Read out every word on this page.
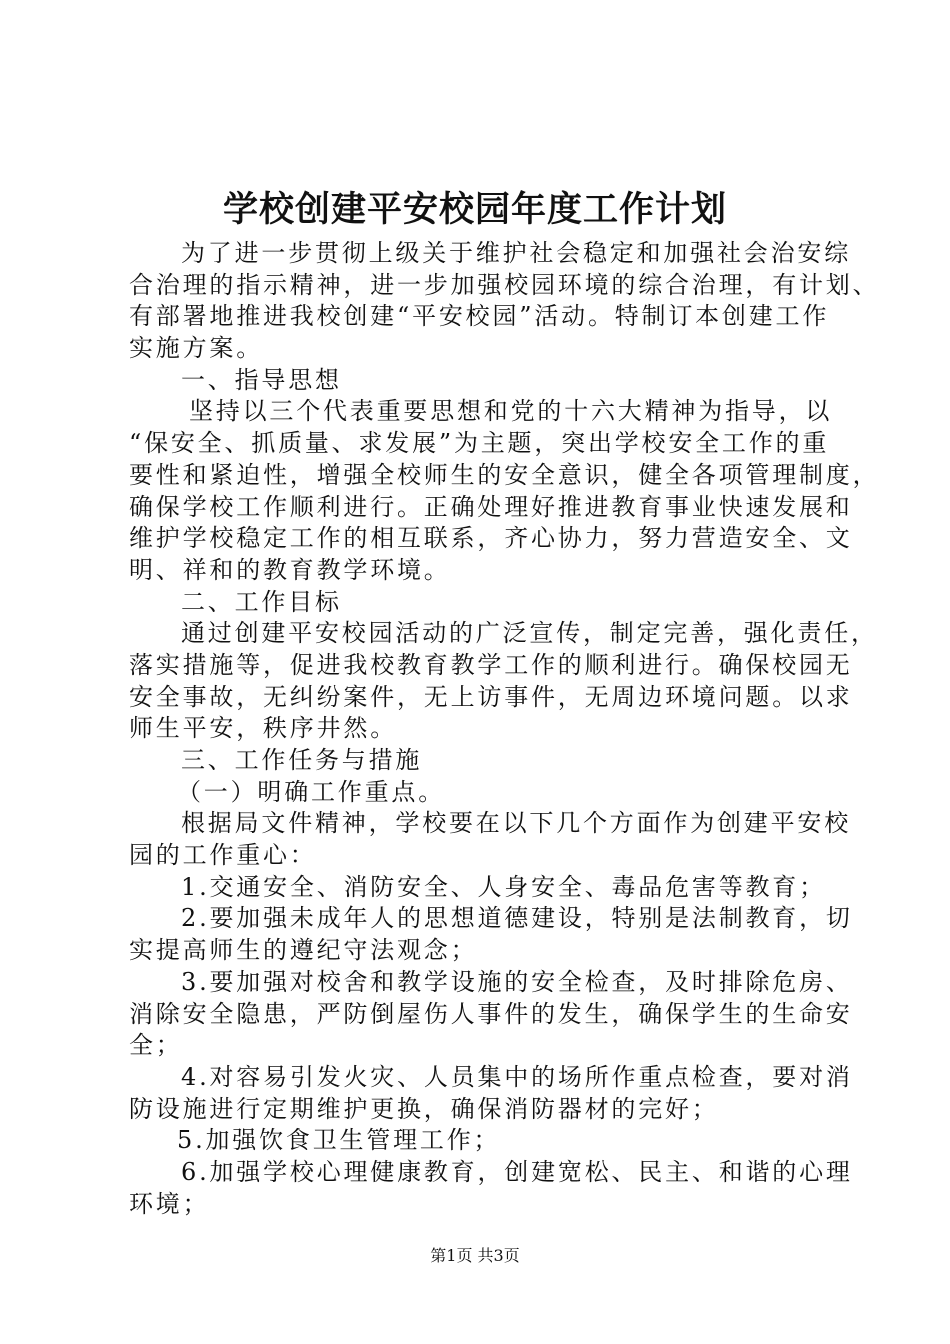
学校创建平安校园年度工作计划
为了进一步贯彻上级关于维护社会稳定和加强社会治安综
合治理的指示精神，进一步加强校园环境的综合治理，有计划、
有部署地推进我校创建“平安校园”活动。特制订本创建工作
实施方案。
一、指导思想
坚持以三个代表重要思想和党的十六大精神为指导，以
“保安全、抓质量、求发展”为主题，突出学校安全工作的重
要性和紧迫性，增强全校师生的安全意识，健全各项管理制度，
确保学校工作顺利进行。正确处理好推进教育事业快速发展和
维护学校稳定工作的相互联系，齐心协力，努力营造安全、文
明、祥和的教育教学环境。
二、工作目标
通过创建平安校园活动的广泛宣传，制定完善，强化责任，
落实措施等，促进我校教育教学工作的顺利进行。确保校园无
安全事故，无纠纷案件，无上访事件，无周边环境问题。以求
师生平安，秩序井然。
三、工作任务与措施
（一）明确工作重点。
根据局文件精神，学校要在以下几个方面作为创建平安校
园的工作重心：
1.交通安全、消防安全、人身安全、毒品危害等教育；
2.要加强未成年人的思想道德建设，特别是法制教育，切
实提高师生的遵纪守法观念；
3.要加强对校舍和教学设施的安全检查，及时排除危房、
消除安全隐患，严防倒屋伤人事件的发生，确保学生的生命安
全；
4.对容易引发火灾、人员集中的场所作重点检查，要对消
防设施进行定期维护更换，确保消防器材的完好；
5.加强饮食卫生管理工作；
6.加强学校心理健康教育，创建宽松、民主、和谐的心理
环境；
第1页 共3页
